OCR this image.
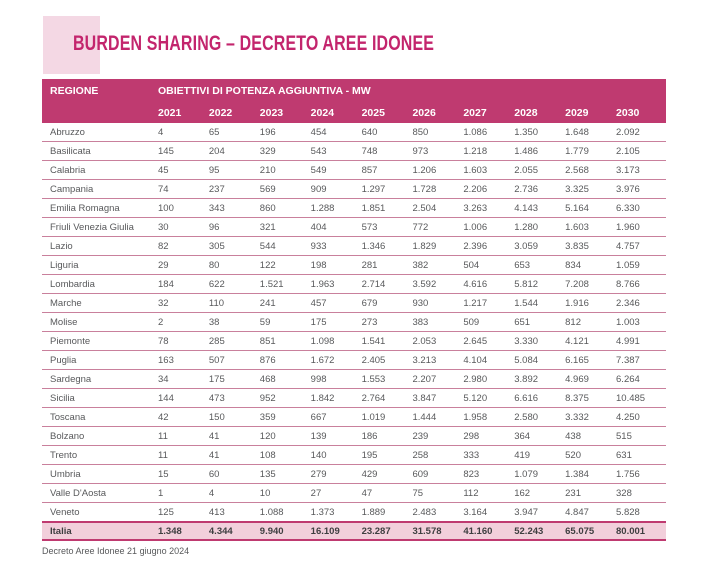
BURDEN SHARING – DECRETO AREE IDONEE
REGIONE	OBIETTIVI DI POTENZA AGGIUNTIVA - MW									
	2021	2022	2023	2024	2025	2026	2027	2028	2029	2030
Abruzzo	4	65	196	454	640	850	1.086	1.350	1.648	2.092
Basilicata	145	204	329	543	748	973	1.218	1.486	1.779	2.105
Calabria	45	95	210	549	857	1.206	1.603	2.055	2.568	3.173
Campania	74	237	569	909	1.297	1.728	2.206	2.736	3.325	3.976
Emilia Romagna	100	343	860	1.288	1.851	2.504	3.263	4.143	5.164	6.330
Friuli Venezia Giulia	30	96	321	404	573	772	1.006	1.280	1.603	1.960
Lazio	82	305	544	933	1.346	1.829	2.396	3.059	3.835	4.757
Liguria	29	80	122	198	281	382	504	653	834	1.059
Lombardia	184	622	1.521	1.963	2.714	3.592	4.616	5.812	7.208	8.766
Marche	32	110	241	457	679	930	1.217	1.544	1.916	2.346
Molise	2	38	59	175	273	383	509	651	812	1.003
Piemonte	78	285	851	1.098	1.541	2.053	2.645	3.330	4.121	4.991
Puglia	163	507	876	1.672	2.405	3.213	4.104	5.084	6.165	7.387
Sardegna	34	175	468	998	1.553	2.207	2.980	3.892	4.969	6.264
Sicilia	144	473	952	1.842	2.764	3.847	5.120	6.616	8.375	10.485
Toscana	42	150	359	667	1.019	1.444	1.958	2.580	3.332	4.250
Bolzano	11	41	120	139	186	239	298	364	438	515
Trento	11	41	108	140	195	258	333	419	520	631
Umbria	15	60	135	279	429	609	823	1.079	1.384	1.756
Valle D'Aosta	1	4	10	27	47	75	112	162	231	328
Veneto	125	413	1.088	1.373	1.889	2.483	3.164	3.947	4.847	5.828
Italia	1.348	4.344	9.940	16.109	23.287	31.578	41.160	52.243	65.075	80.001
Decreto Aree Idonee 21 giugno 2024
